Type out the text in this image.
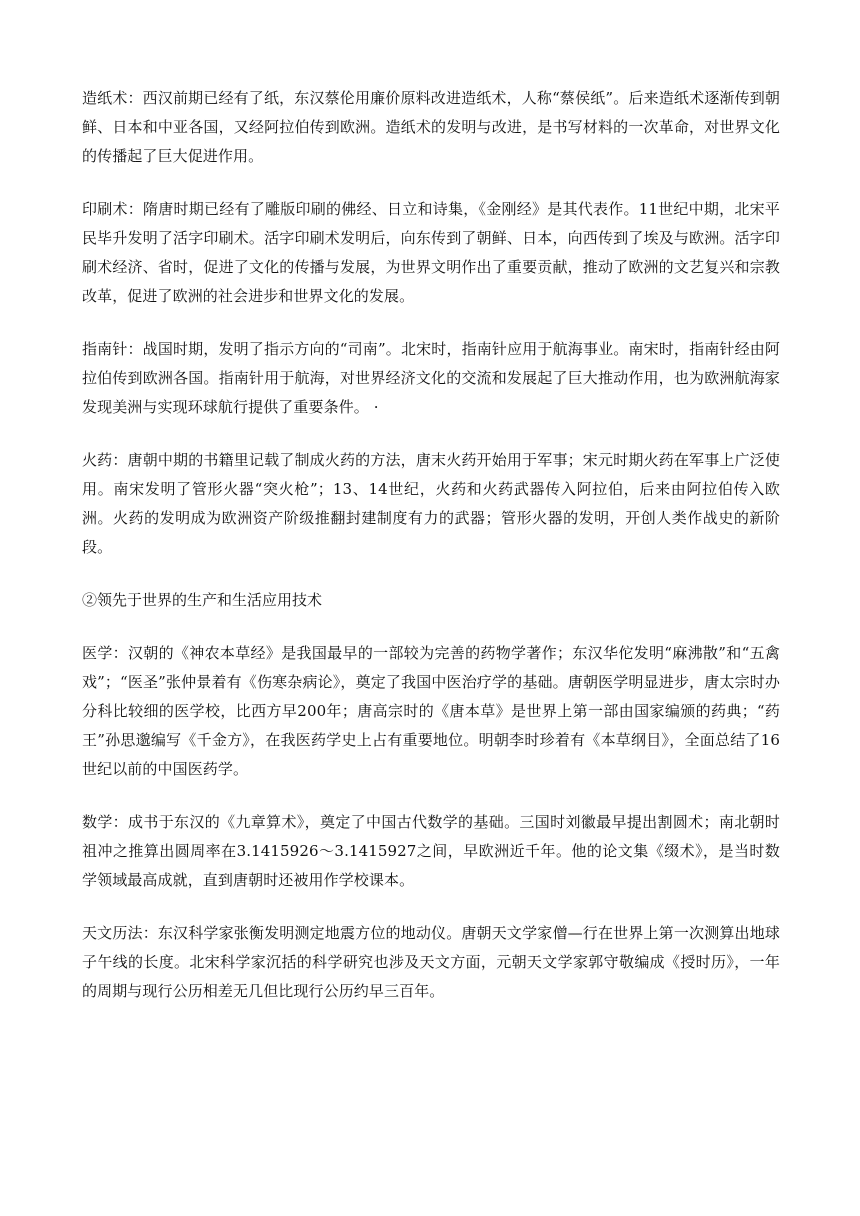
造纸术：西汉前期已经有了纸，东汉蔡伦用廉价原料改进造纸术，人称“蔡侯纸”。后来造纸术逐渐传到朝鲜、日本和中亚各国，又经阿拉伯传到欧洲。造纸术的发明与改进，是书写材料的一次革命，对世界文化的传播起了巨大促进作用。

印刷术：隋唐时期已经有了雕版印刷的佛经、日立和诗集，《金刚经》是其代表作。11世纪中期，北宋平民毕升发明了活字印刷术。活字印刷术发明后，向东传到了朝鲜、日本，向西传到了埃及与欧洲。活字印刷术经济、省时，促进了文化的传播与发展，为世界文明作出了重要贡献，推动了欧洲的文艺复兴和宗教改革，促进了欧洲的社会进步和世界文化的发展。

指南针：战国时期，发明了指示方向的“司南”。北宋时，指南针应用于航海事业。南宋时，指南针经由阿拉伯传到欧洲各国。指南针用于航海，对世界经济文化的交流和发展起了巨大推动作用，也为欧洲航海家发现美洲与实现环球航行提供了重要条件。 ·

火药：唐朝中期的书籍里记载了制成火药的方法，唐末火药开始用于军事；宋元时期火药在军事上广泛使用。南宋发明了管形火器“突火枪”；13、14世纪，火药和火药武器传入阿拉伯，后来由阿拉伯传入欧洲。火药的发明成为欧洲资产阶级推翻封建制度有力的武器；管形火器的发明，开创人类作战史的新阶段。

②领先于世界的生产和生活应用技术

医学：汉朝的《神农本草经》是我国最早的一部较为完善的药物学著作；东汉华佗发明“麻沸散”和“五禽戏”；“医圣”张仲景着有《伤寒杂病论》，奠定了我国中医治疗学的基础。唐朝医学明显进步，唐太宗时办分科比较细的医学校，比西方早200年；唐高宗时的《唐本草》是世界上第一部由国家编颁的药典；“药王”孙思邈编写《千金方》，在我医药学史上占有重要地位。明朝李时珍着有《本草纲目》，全面总结了16世纪以前的中国医药学。

数学：成书于东汉的《九章算术》，奠定了中国古代数学的基础。三国时刘徽最早提出割圆术；南北朝时祖冲之推算出圆周率在3.1415926～3.1415927之间，早欧洲近千年。他的论文集《缀术》，是当时数学领域最高成就，直到唐朝时还被用作学校课本。

天文历法：东汉科学家张衡发明测定地震方位的地动仪。唐朝天文学家僧—行在世界上第一次测算出地球子午线的长度。北宋科学家沉括的科学研究也涉及天文方面，元朝天文学家郭守敬编成《授时历》，一年的周期与现行公历相差无几但比现行公历约早三百年。
